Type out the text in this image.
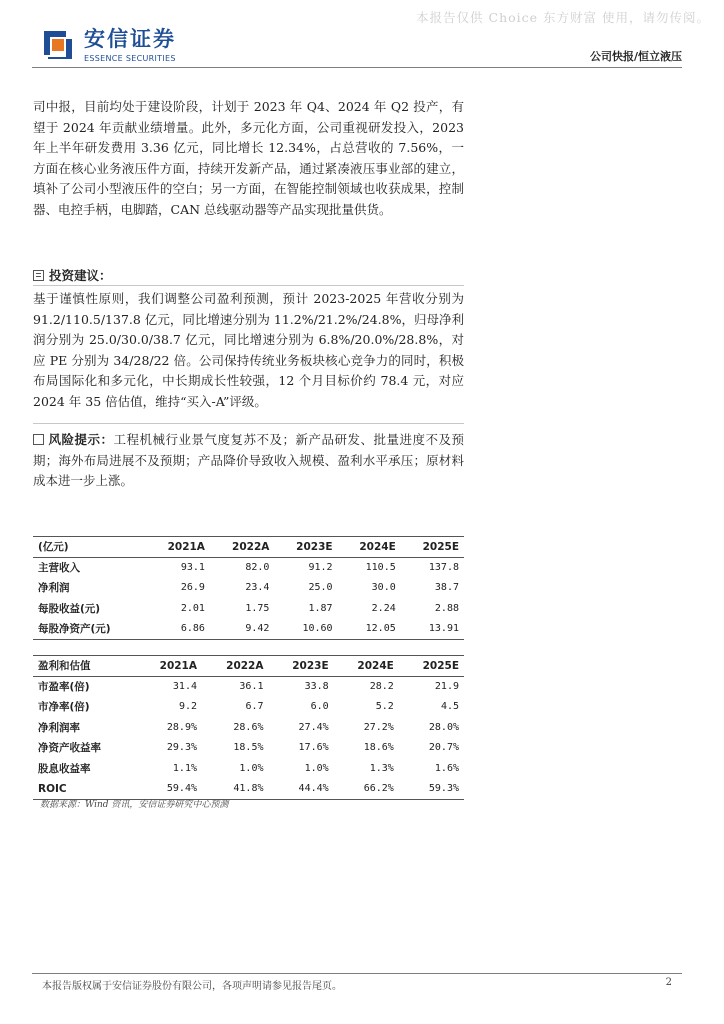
本报告仅供 Choice 东方财富 使用，请勿传阅。
安信证券
ESSENCE SECURITIES	公司快报/恒立液压
司中报，目前均处于建设阶段，计划于 2023 年 Q4、2024 年 Q2 投产，有望于 2024 年贡献业绩增量。此外，多元化方面，公司重视研发投入，2023 年上半年研发费用 3.36 亿元，同比增长 12.34%，占总营收的 7.56%，一方面在核心业务液压件方面，持续开发新产品，通过紧凑液压事业部的建立，填补了公司小型液压件的空白；另一方面，在智能控制领域也收获成果，控制器、电控手柄，电脚踏，CAN 总线驱动器等产品实现批量供货。
投资建议：
基于谨慎性原则，我们调整公司盈利预测，预计 2023-2025 年营收分别为 91.2/110.5/137.8 亿元，同比增速分别为 11.2%/21.2%/24.8%，归母净利润分别为 25.0/30.0/38.7 亿元，同比增速分别为 6.8%/20.0%/28.8%，对应 PE 分别为 34/28/22 倍。公司保持传统业务板块核心竞争力的同时，积极布局国际化和多元化，中长期成长性较强，12 个月目标价约 78.4 元，对应 2024 年 35 倍估值，维持“买入-A”评级。
风险提示：工程机械行业景气度复苏不及；新产品研发、批量进度不及预期；海外布局进展不及预期；产品降价导致收入规模、盈利水平承压；原材料成本进一步上涨。
(亿元)	2021A	2022A	2023E	2024E	2025E
主营收入	93.1	82.0	91.2	110.5	137.8
净利润	26.9	23.4	25.0	30.0	38.7
每股收益(元)	2.01	1.75	1.87	2.24	2.88
每股净资产(元)	6.86	9.42	10.60	12.05	13.91
盈利和估值	2021A	2022A	2023E	2024E	2025E
市盈率(倍)	31.4	36.1	33.8	28.2	21.9
市净率(倍)	9.2	6.7	6.0	5.2	4.5
净利润率	28.9%	28.6%	27.4%	27.2%	28.0%
净资产收益率	29.3%	18.5%	17.6%	18.6%	20.7%
股息收益率	1.1%	1.0%	1.0%	1.3%	1.6%
ROIC	59.4%	41.8%	44.4%	66.2%	59.3%
数据来源：Wind 资讯，安信证券研究中心预测
本报告版权属于安信证券股份有限公司，各项声明请参见报告尾页。	2
